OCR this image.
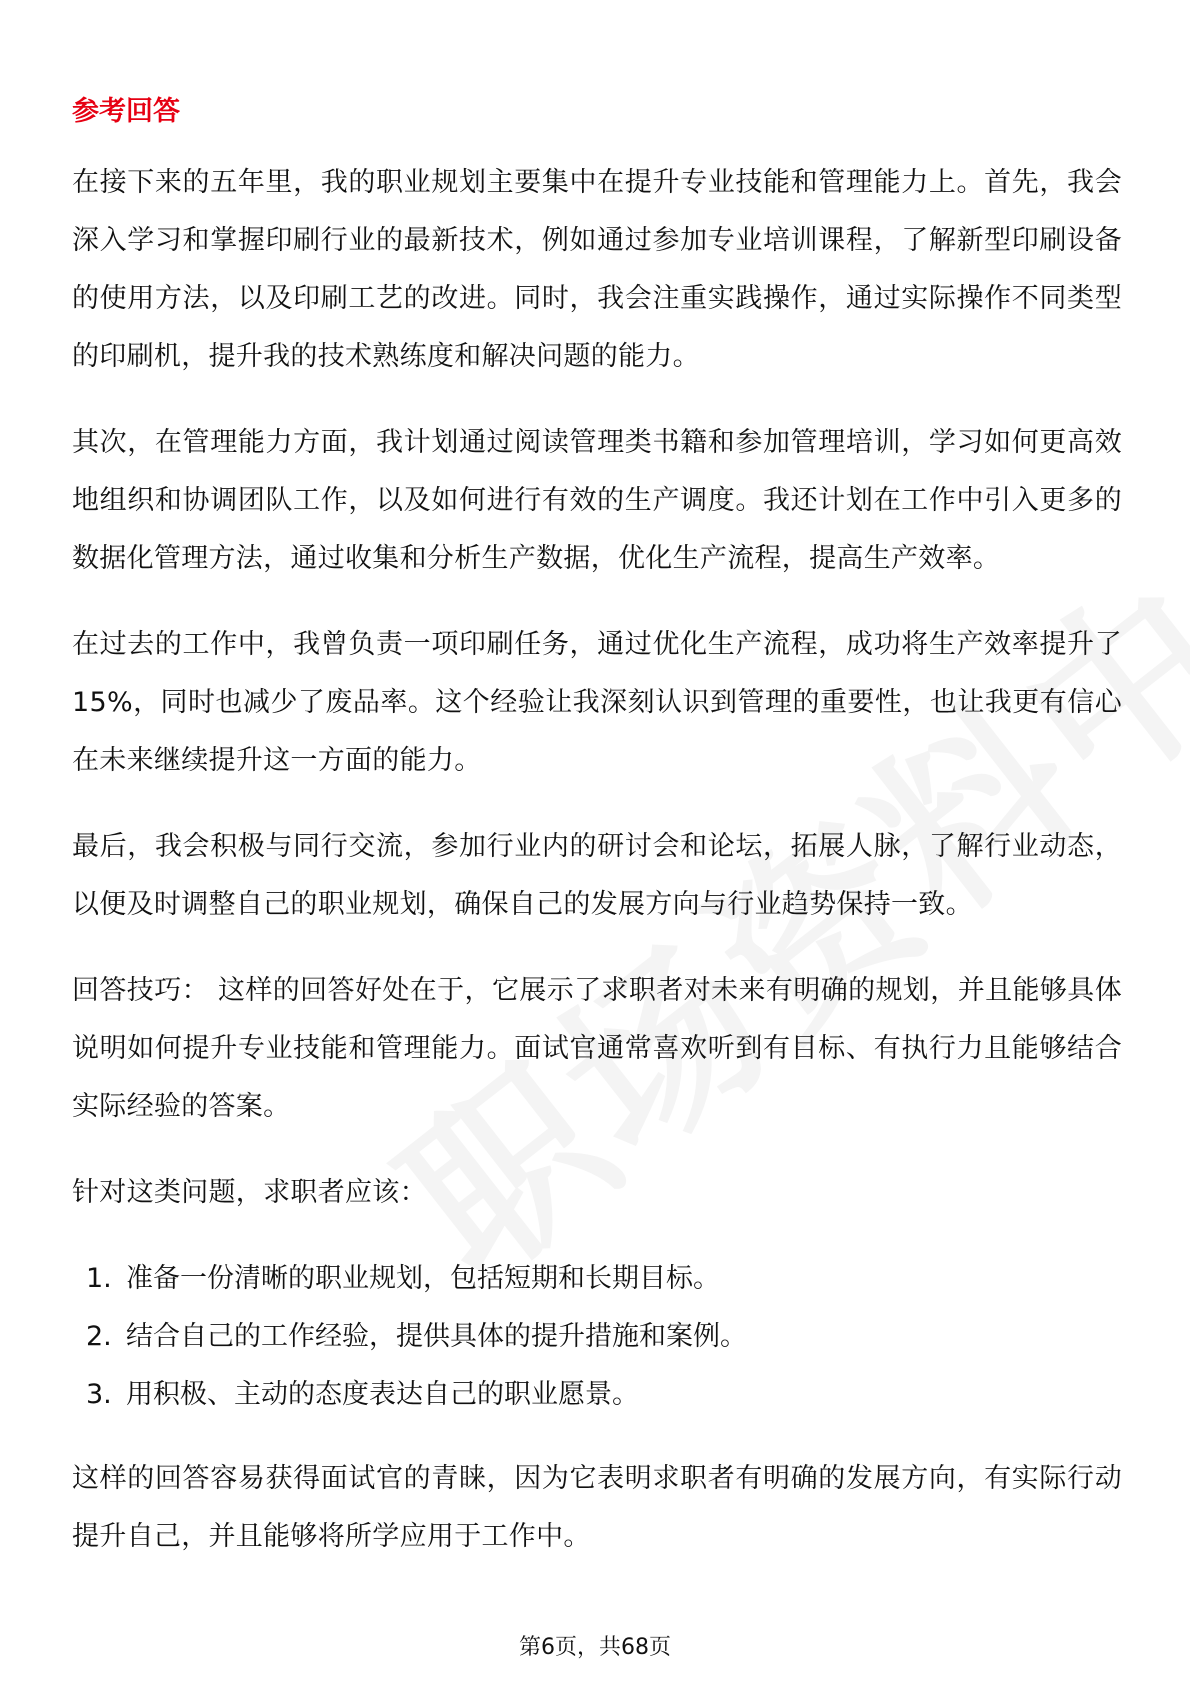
参考回答

在接下来的五年里，我的职业规划主要集中在提升专业技能和管理能力上。首先，我会深入学习和掌握印刷行业的最新技术，例如通过参加专业培训课程，了解新型印刷设备的使用方法，以及印刷工艺的改进。同时，我会注重实践操作，通过实际操作不同类型的印刷机，提升我的技术熟练度和解决问题的能力。

其次，在管理能力方面，我计划通过阅读管理类书籍和参加管理培训，学习如何更高效地组织和协调团队工作，以及如何进行有效的生产调度。我还计划在工作中引入更多的数据化管理方法，通过收集和分析生产数据，优化生产流程，提高生产效率。

在过去的工作中，我曾负责一项印刷任务，通过优化生产流程，成功将生产效率提升了15%，同时也减少了废品率。这个经验让我深刻认识到管理的重要性，也让我更有信心在未来继续提升这一方面的能力。

最后，我会积极与同行交流，参加行业内的研讨会和论坛，拓展人脉，了解行业动态，以便及时调整自己的职业规划，确保自己的发展方向与行业趋势保持一致。

回答技巧： 这样的回答好处在于，它展示了求职者对未来有明确的规划，并且能够具体说明如何提升专业技能和管理能力。面试官通常喜欢听到有目标、有执行力且能够结合实际经验的答案。

针对这类问题，求职者应该：

1. 准备一份清晰的职业规划，包括短期和长期目标。
2. 结合自己的工作经验，提供具体的提升措施和案例。
3. 用积极、主动的态度表达自己的职业愿景。

这样的回答容易获得面试官的青睐，因为它表明求职者有明确的发展方向，有实际行动提升自己，并且能够将所学应用于工作中。

第6页，共68页
